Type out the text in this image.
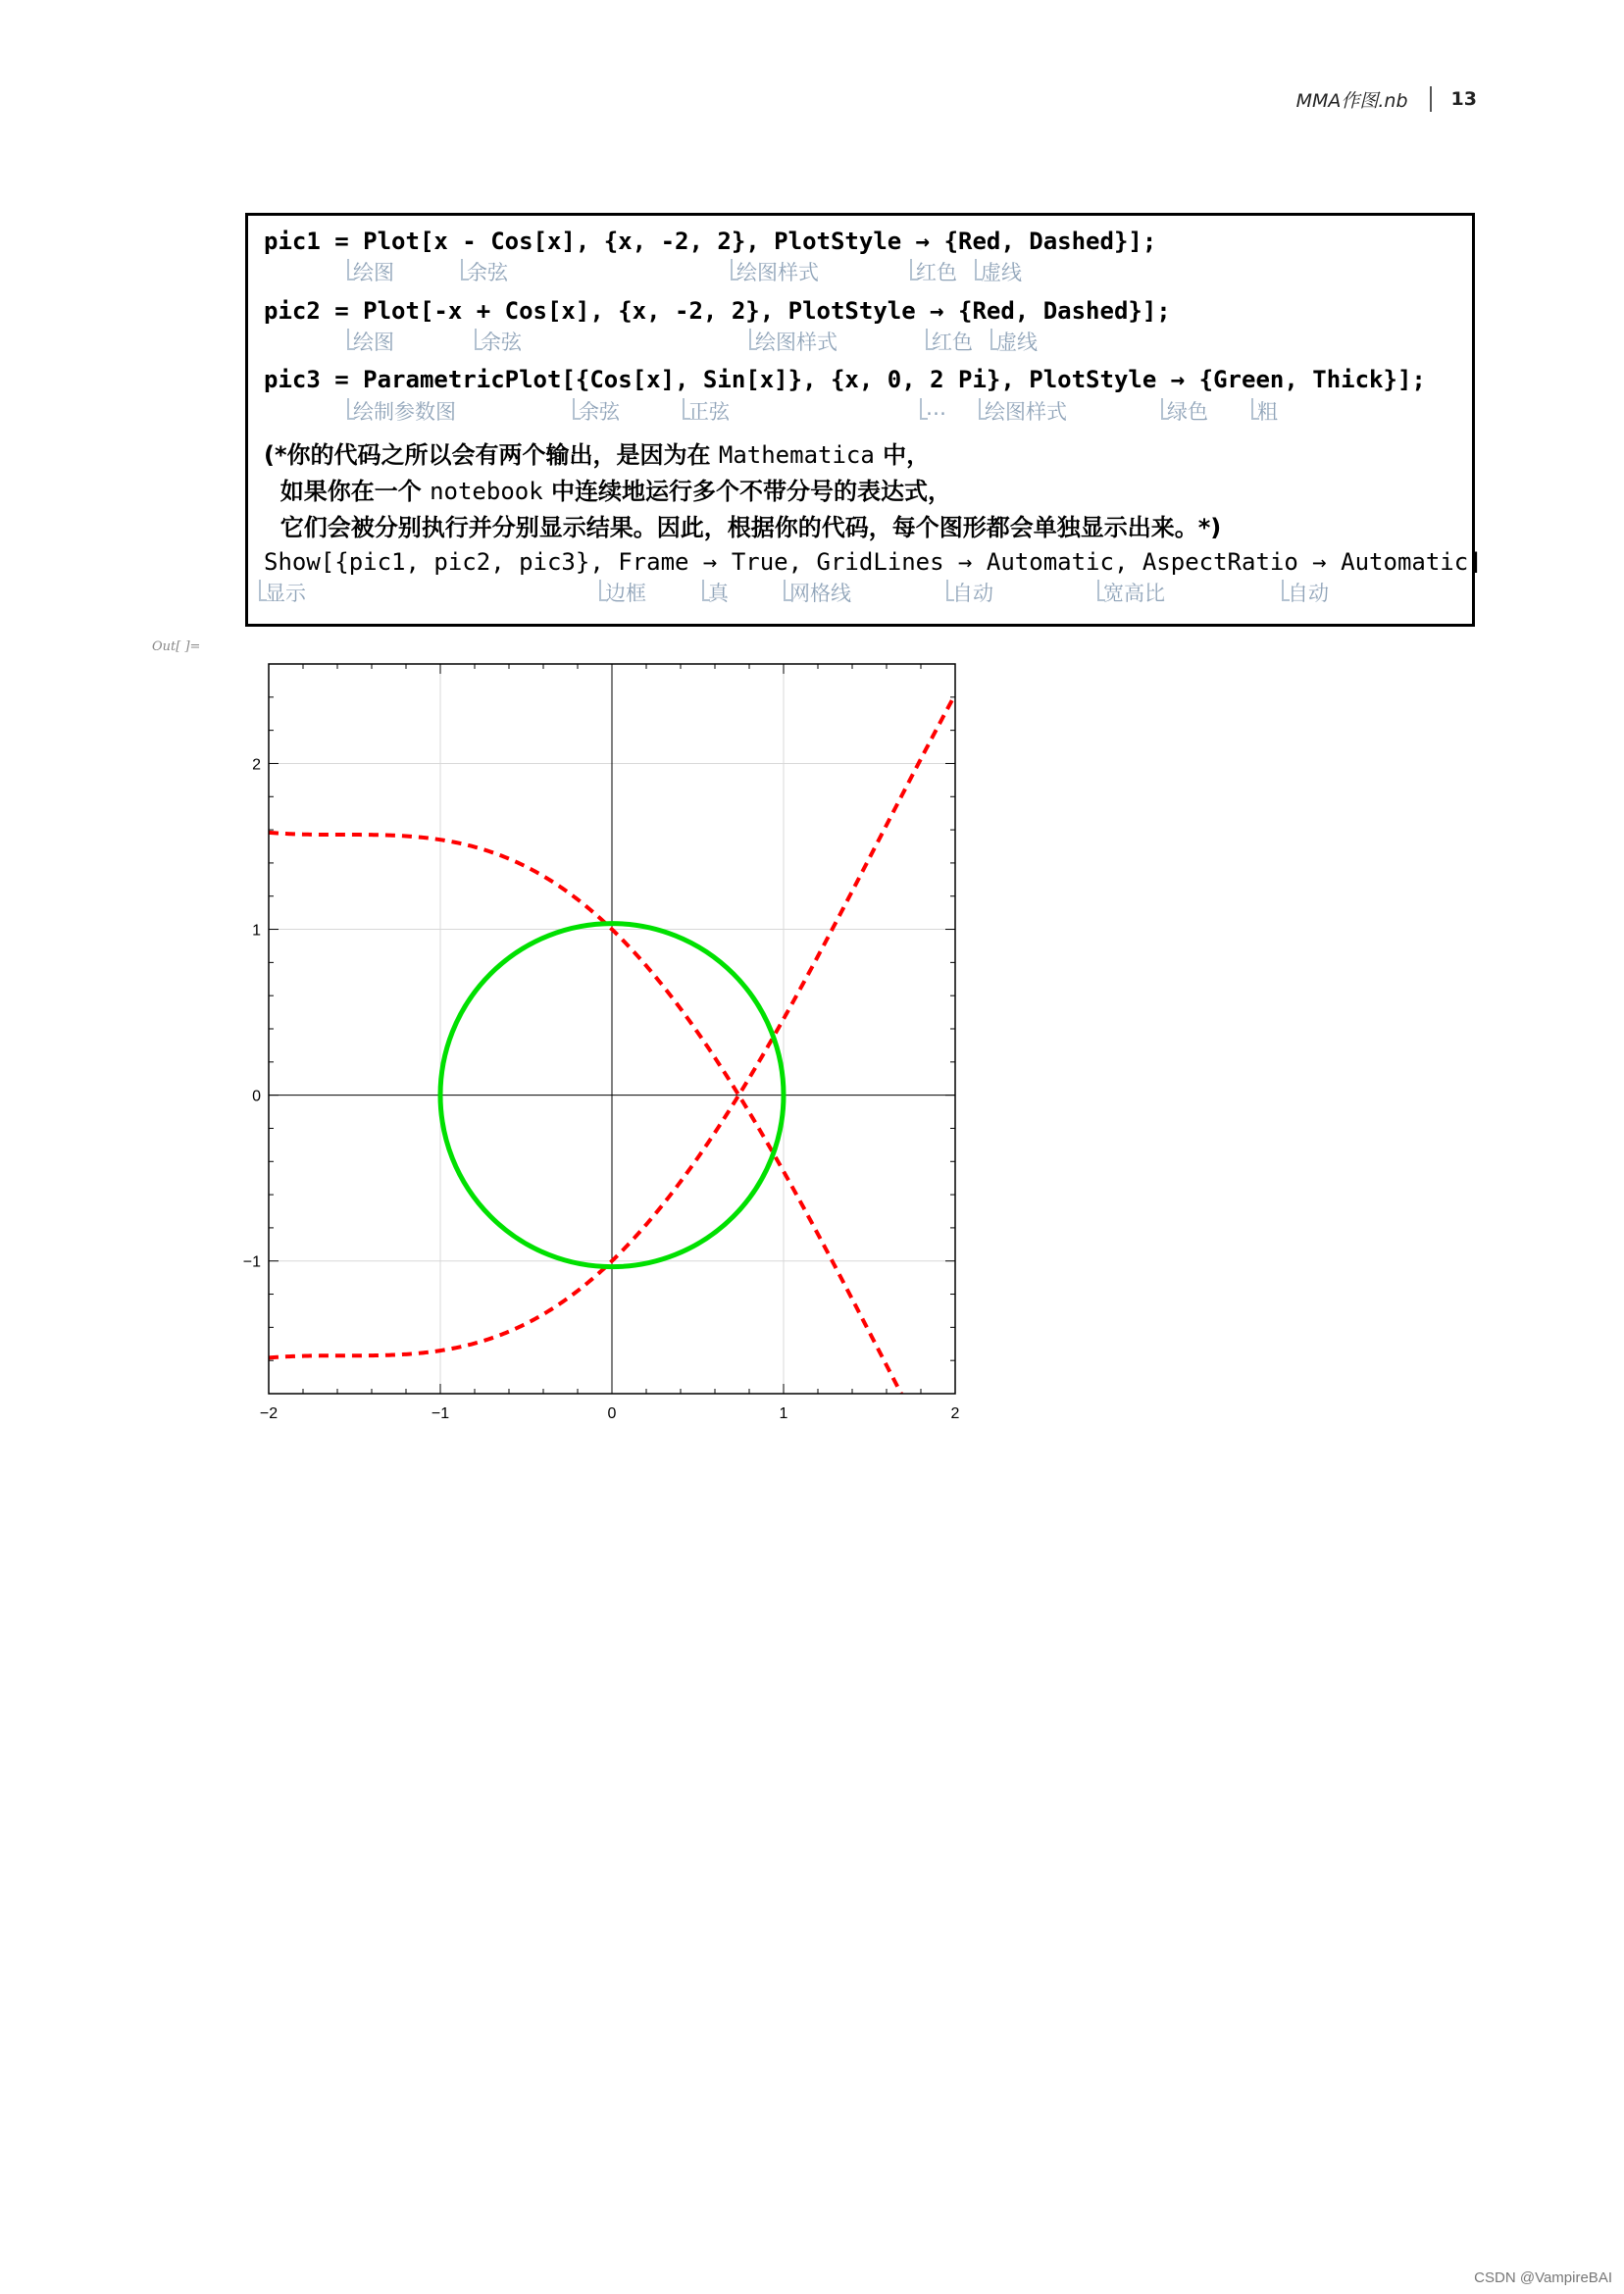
MMA作图.nb 13
pic1 = Plot[x - Cos[x], {x, -2, 2}, PlotStyle → {Red, Dashed}];
绘图	余弦	绘图样式	红色 虚线
pic2 = Plot[-x + Cos[x], {x, -2, 2}, PlotStyle → {Red, Dashed}];
绘图	余弦	绘图样式	红色 虚线
pic3 = ParametricPlot[{Cos[x], Sin[x]}, {x, 0, 2 Pi}, PlotStyle → {Green, Thick}];
绘制参数图	余弦	正弦	… 绘图样式	绿色 粗
(*你的代码之所以会有两个输出，是因为在 Mathematica 中，
如果你在一个 notebook 中连续地运行多个不带分号的表达式，
它们会被分别执行并分别显示结果。因此，根据你的代码，每个图形都会单独显示出来。*)
Show[{pic1, pic2, pic3}, Frame → True, GridLines → Automatic, AspectRatio → Automatic]
显示	边框	真	网格线	自动	宽高比	自动
Out[ ]=
−2	−1	0	1	2
−1
0
1
2
CSDN @VampireBAI
